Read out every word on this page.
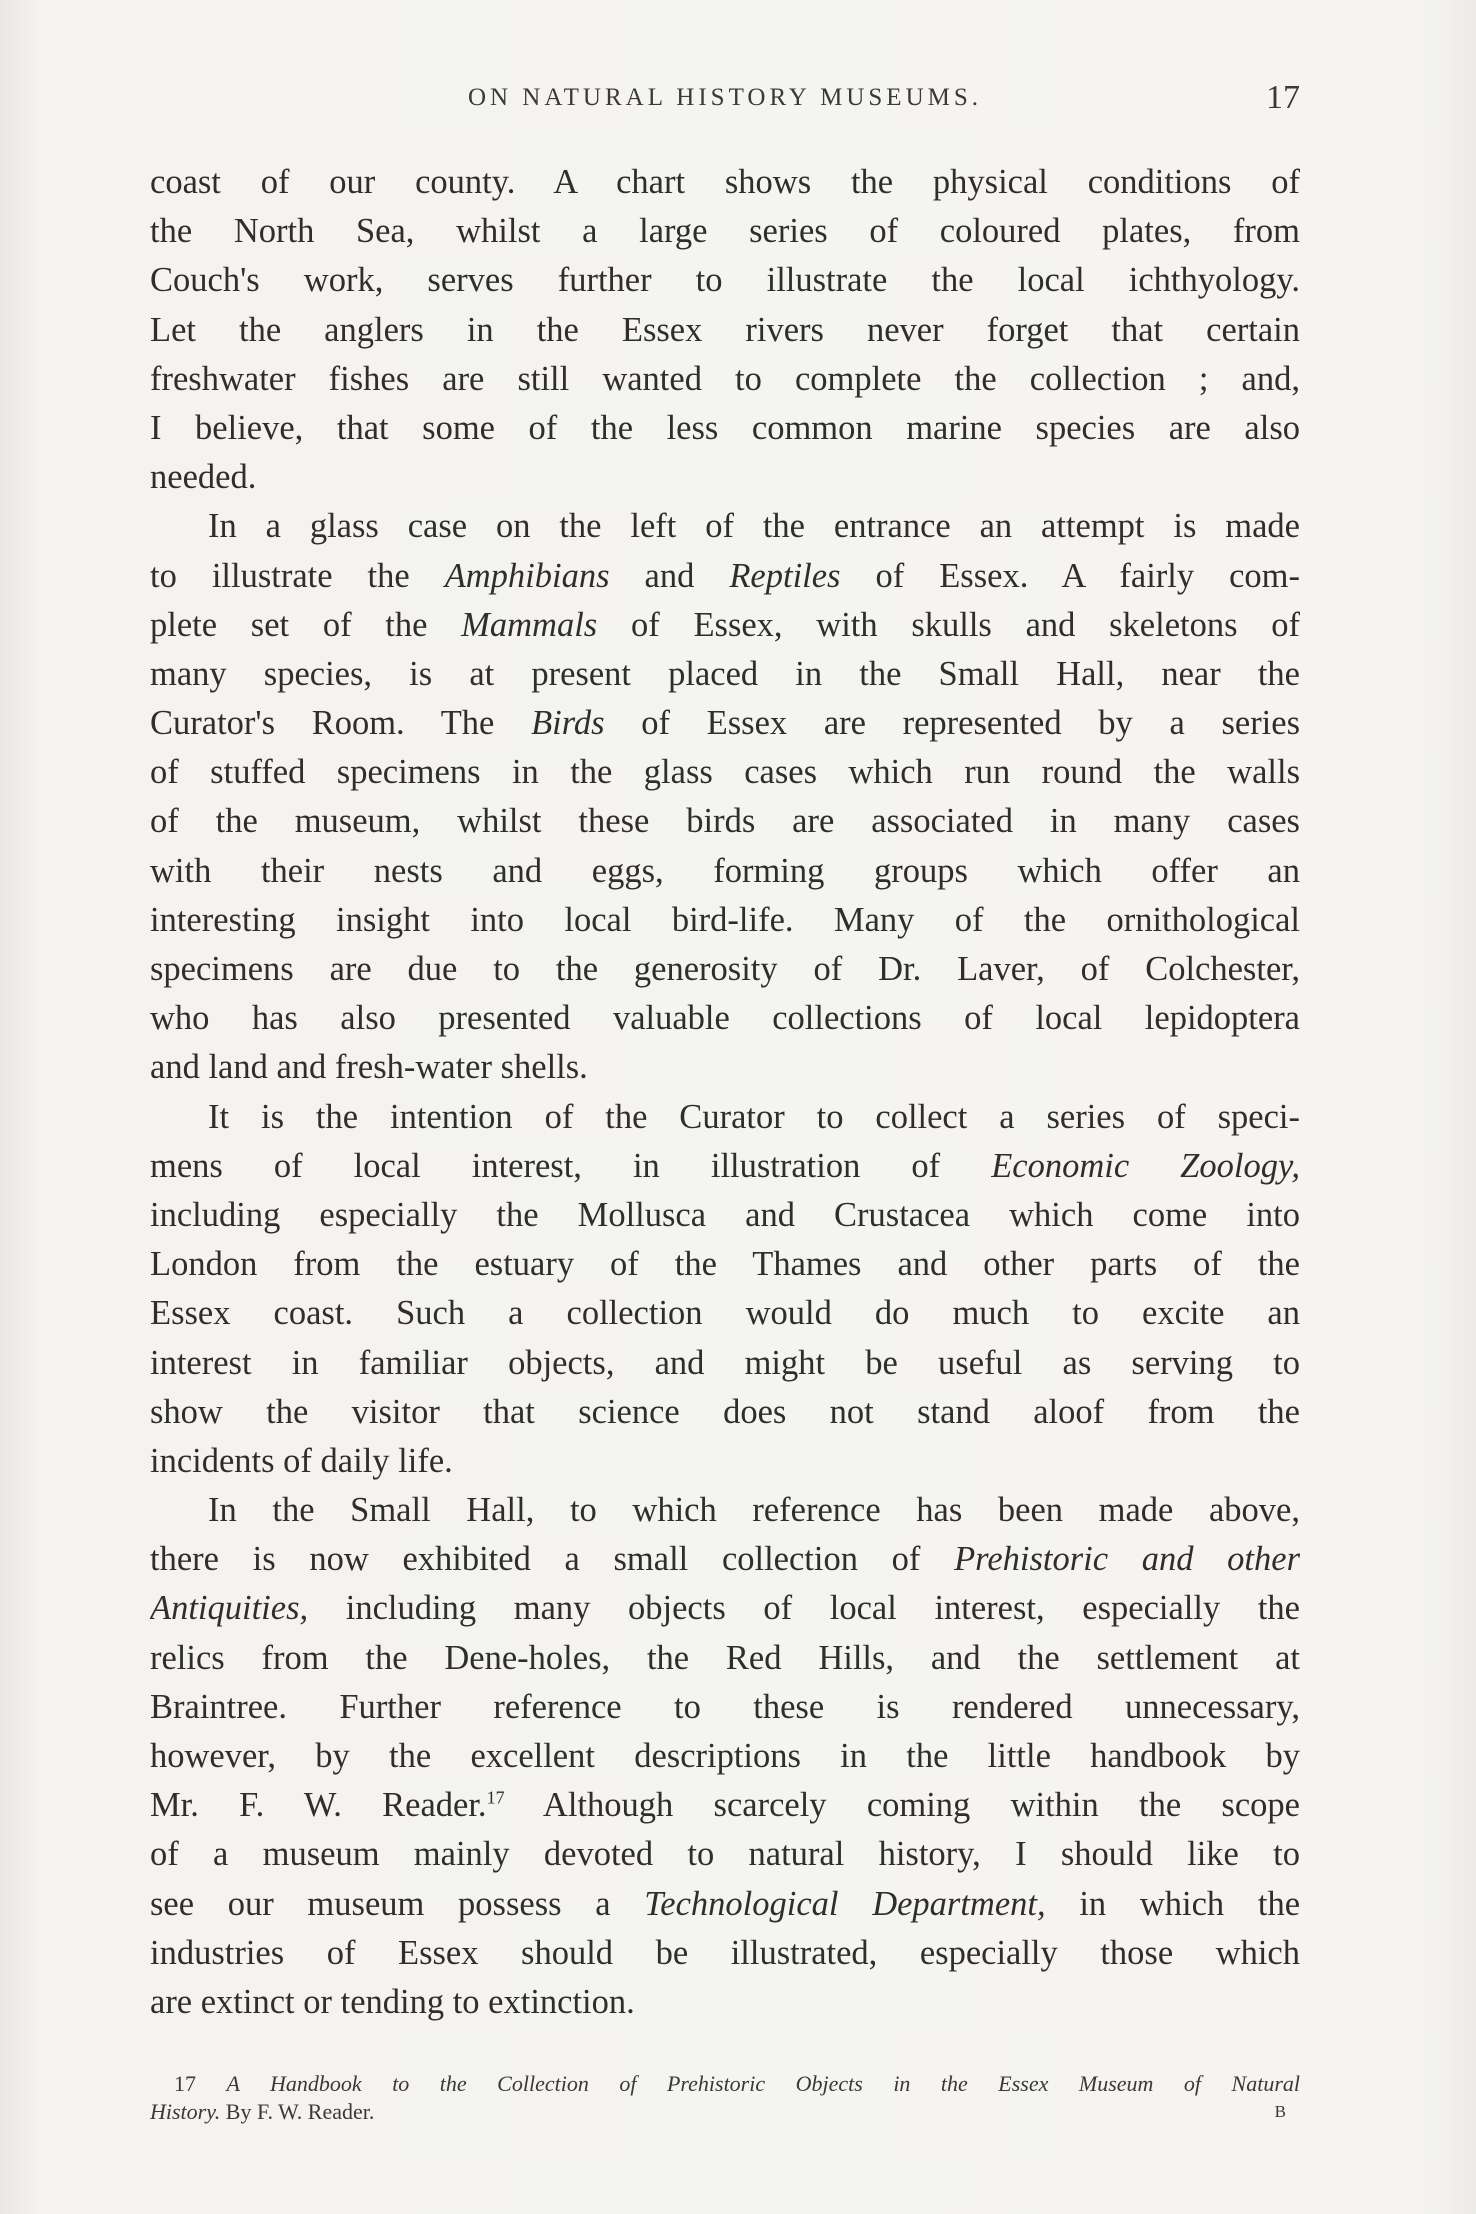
ON NATURAL HISTORY MUSEUMS.	17
coast of our county. A chart shows the physical conditions of
the North Sea, whilst a large series of coloured plates, from
Couch's work, serves further to illustrate the local ichthyology.
Let the anglers in the Essex rivers never forget that certain
freshwater fishes are still wanted to complete the collection ; and,
I believe, that some of the less common marine species are also
needed.
In a glass case on the left of the entrance an attempt is made
to illustrate the Amphibians and Reptiles of Essex. A fairly com-
plete set of the Mammals of Essex, with skulls and skeletons of
many species, is at present placed in the Small Hall, near the
Curator's Room. The Birds of Essex are represented by a series
of stuffed specimens in the glass cases which run round the walls
of the museum, whilst these birds are associated in many cases
with their nests and eggs, forming groups which offer an
interesting insight into local bird-life. Many of the ornithological
specimens are due to the generosity of Dr. Laver, of Colchester,
who has also presented valuable collections of local lepidoptera
and land and fresh-water shells.
It is the intention of the Curator to collect a series of speci-
mens of local interest, in illustration of Economic Zoology,
including especially the Mollusca and Crustacea which come into
London from the estuary of the Thames and other parts of the
Essex coast. Such a collection would do much to excite an
interest in familiar objects, and might be useful as serving to
show the visitor that science does not stand aloof from the
incidents of daily life.
In the Small Hall, to which reference has been made above,
there is now exhibited a small collection of Prehistoric and other
Antiquities, including many objects of local interest, especially the
relics from the Dene-holes, the Red Hills, and the settlement at
Braintree. Further reference to these is rendered unnecessary,
however, by the excellent descriptions in the little handbook by
Mr. F. W. Reader.$^{17}$ Although scarcely coming within the scope
of a museum mainly devoted to natural history, I should like to
see our museum possess a Technological Department, in which the
industries of Essex should be illustrated, especially those which
are extinct or tending to extinction.
17 A Handbook to the Collection of Prehistoric Objects in the Essex Museum of Natural
History. By F. W. Reader.	B
